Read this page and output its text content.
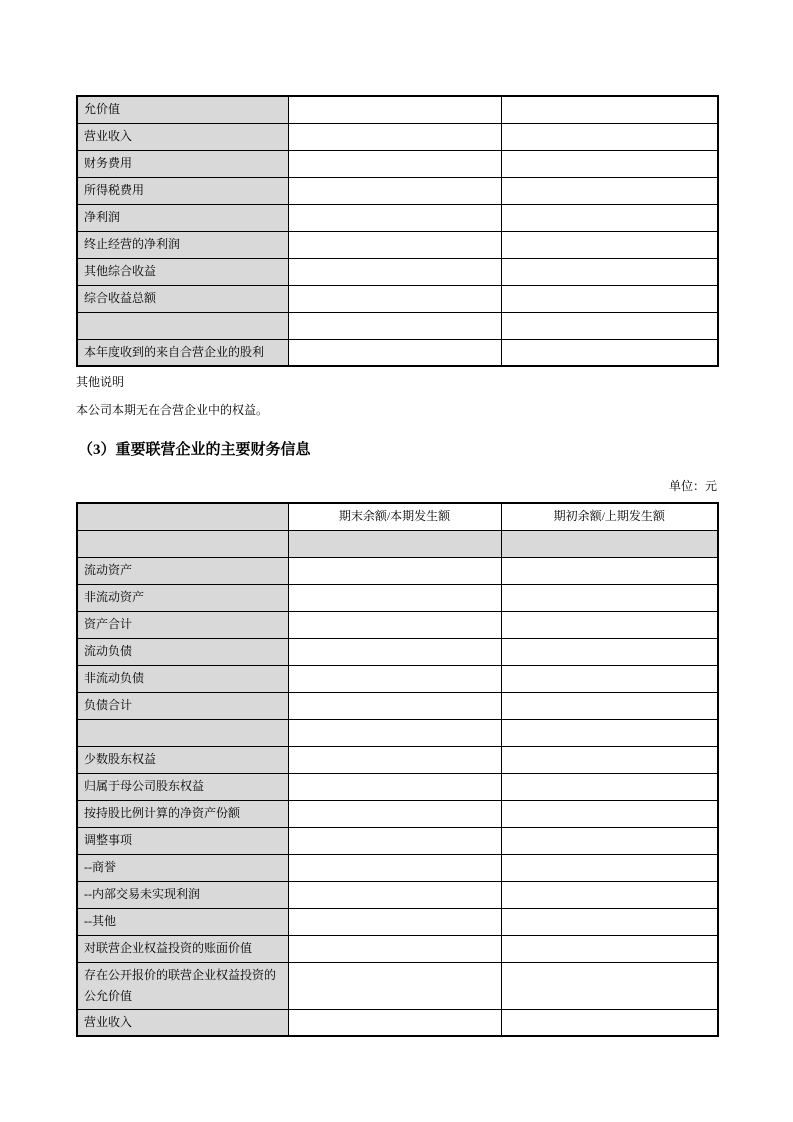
允价值		
营业收入		
财务费用		
所得税费用		
净利润		
终止经营的净利润		
其他综合收益		
综合收益总额		

本年度收到的来自合营企业的股利		

其他说明

本公司本期无在合营企业中的权益。

（3）重要联营企业的主要财务信息

单位：元

	期末余额/本期发生额	期初余额/上期发生额

流动资产		
非流动资产		
资产合计		
流动负债		
非流动负债		
负债合计		

少数股东权益		
归属于母公司股东权益		
按持股比例计算的净资产份额		
调整事项		
--商誉		
--内部交易未实现利润		
--其他		
对联营企业权益投资的账面价值		
存在公开报价的联营企业权益投资的公允价值		
营业收入		
